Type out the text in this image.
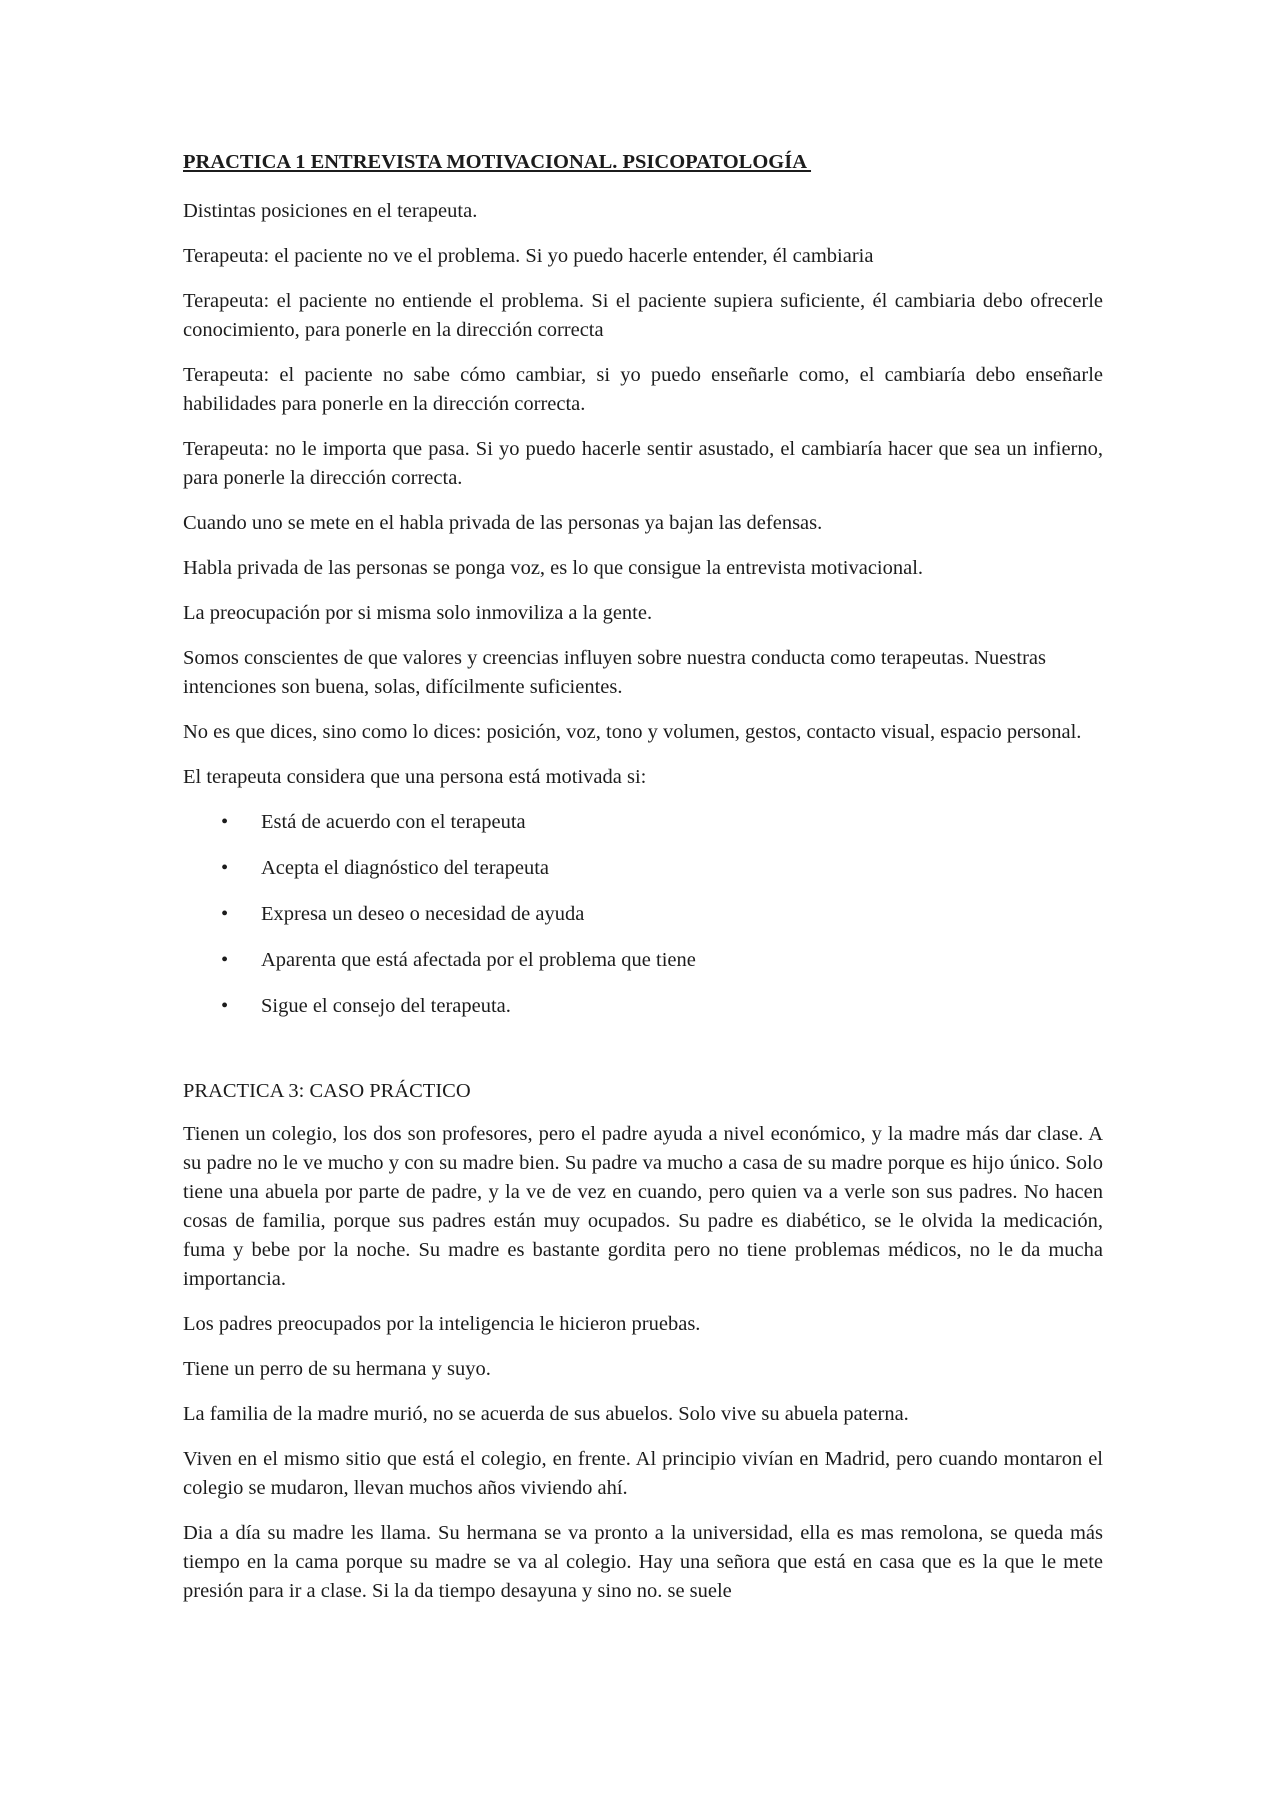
PRACTICA 1 ENTREVISTA MOTIVACIONAL. PSICOPATOLOGÍA

Distintas posiciones en el terapeuta.

Terapeuta: el paciente no ve el problema. Si yo puedo hacerle entender, él cambiaria

Terapeuta: el paciente no entiende el problema. Si el paciente supiera suficiente, él cambiaria debo ofrecerle conocimiento, para ponerle en la dirección correcta

Terapeuta: el paciente no sabe cómo cambiar, si yo puedo enseñarle como, el cambiaría debo enseñarle habilidades para ponerle en la dirección correcta.

Terapeuta: no le importa que pasa. Si yo puedo hacerle sentir asustado, el cambiaría hacer que sea un infierno, para ponerle la dirección correcta.

Cuando uno se mete en el habla privada de las personas ya bajan las defensas.

Habla privada de las personas se ponga voz, es lo que consigue la entrevista motivacional.

La preocupación por si misma solo inmoviliza a la gente.

Somos conscientes de que valores y creencias influyen sobre nuestra conducta como terapeutas. Nuestras intenciones son buena, solas, difícilmente suficientes.

No es que dices, sino como lo dices: posición, voz, tono y volumen, gestos, contacto visual, espacio personal.

El terapeuta considera que una persona está motivada si:

• Está de acuerdo con el terapeuta
• Acepta el diagnóstico del terapeuta
• Expresa un deseo o necesidad de ayuda
• Aparenta que está afectada por el problema que tiene
• Sigue el consejo del terapeuta.

PRACTICA 3: CASO PRÁCTICO

Tienen un colegio, los dos son profesores, pero el padre ayuda a nivel económico, y la madre más dar clase. A su padre no le ve mucho y con su madre bien. Su padre va mucho a casa de su madre porque es hijo único. Solo tiene una abuela por parte de padre, y la ve de vez en cuando, pero quien va a verle son sus padres. No hacen cosas de familia, porque sus padres están muy ocupados. Su padre es diabético, se le olvida la medicación, fuma y bebe por la noche. Su madre es bastante gordita pero no tiene problemas médicos, no le da mucha importancia.

Los padres preocupados por la inteligencia le hicieron pruebas.

Tiene un perro de su hermana y suyo.

La familia de la madre murió, no se acuerda de sus abuelos. Solo vive su abuela paterna.

Viven en el mismo sitio que está el colegio, en frente. Al principio vivían en Madrid, pero cuando montaron el colegio se mudaron, llevan muchos años viviendo ahí.

Dia a día su madre les llama. Su hermana se va pronto a la universidad, ella es mas remolona, se queda más tiempo en la cama porque su madre se va al colegio. Hay una señora que está en casa que es la que le mete presión para ir a clase. Si la da tiempo desayuna y sino no. se suele
